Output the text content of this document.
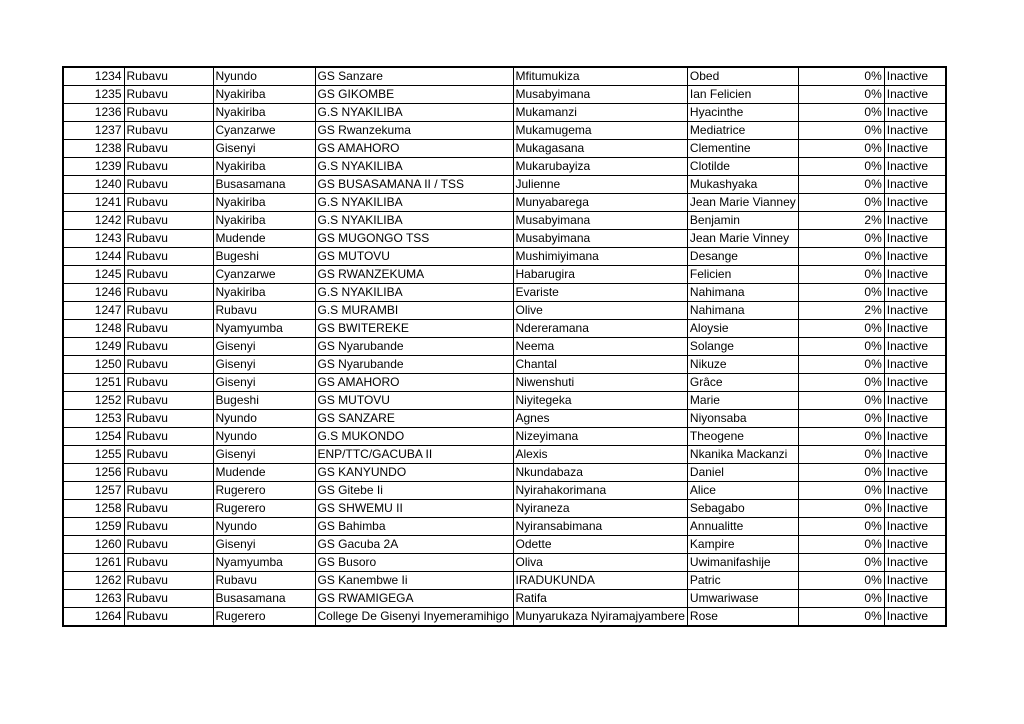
1234	Rubavu	Nyundo	GS Sanzare	Mfitumukiza	Obed	0%	Inactive
1235	Rubavu	Nyakiriba	GS GIKOMBE	Musabyimana	Ian Felicien	0%	Inactive
1236	Rubavu	Nyakiriba	G.S NYAKILIBA	Mukamanzi	Hyacinthe	0%	Inactive
1237	Rubavu	Cyanzarwe	GS Rwanzekuma	Mukamugema	Mediatrice	0%	Inactive
1238	Rubavu	Gisenyi	GS AMAHORO	Mukagasana	Clementine	0%	Inactive
1239	Rubavu	Nyakiriba	G.S NYAKILIBA	Mukarubayiza	Clotilde	0%	Inactive
1240	Rubavu	Busasamana	GS BUSASAMANA II / TSS	Julienne	Mukashyaka	0%	Inactive
1241	Rubavu	Nyakiriba	G.S NYAKILIBA	Munyabarega	Jean Marie Vianney	0%	Inactive
1242	Rubavu	Nyakiriba	G.S NYAKILIBA	Musabyimana	Benjamin	2%	Inactive
1243	Rubavu	Mudende	GS MUGONGO TSS	Musabyimana	Jean Marie Vinney	0%	Inactive
1244	Rubavu	Bugeshi	GS MUTOVU	Mushimiyimana	Desange	0%	Inactive
1245	Rubavu	Cyanzarwe	GS RWANZEKUMA	Habarugira	Felicien	0%	Inactive
1246	Rubavu	Nyakiriba	G.S NYAKILIBA	Evariste	Nahimana	0%	Inactive
1247	Rubavu	Rubavu	G.S MURAMBI	Olive	Nahimana	2%	Inactive
1248	Rubavu	Nyamyumba	GS BWITEREKE	Ndereramana	Aloysie	0%	Inactive
1249	Rubavu	Gisenyi	GS Nyarubande	Neema	Solange	0%	Inactive
1250	Rubavu	Gisenyi	GS Nyarubande	Chantal	Nikuze	0%	Inactive
1251	Rubavu	Gisenyi	GS AMAHORO	Niwenshuti	Grâce	0%	Inactive
1252	Rubavu	Bugeshi	GS MUTOVU	Niyitegeka	Marie	0%	Inactive
1253	Rubavu	Nyundo	GS SANZARE	Agnes	Niyonsaba	0%	Inactive
1254	Rubavu	Nyundo	G.S MUKONDO	Nizeyimana	Theogene	0%	Inactive
1255	Rubavu	Gisenyi	ENP/TTC/GACUBA II	Alexis	Nkanika Mackanzi	0%	Inactive
1256	Rubavu	Mudende	GS KANYUNDO	Nkundabaza	Daniel	0%	Inactive
1257	Rubavu	Rugerero	GS Gitebe Ii	Nyirahakorimana	Alice	0%	Inactive
1258	Rubavu	Rugerero	GS SHWEMU II	Nyiraneza	Sebagabo	0%	Inactive
1259	Rubavu	Nyundo	GS Bahimba	Nyiransabimana	Annualitte	0%	Inactive
1260	Rubavu	Gisenyi	GS Gacuba 2A	Odette	Kampire	0%	Inactive
1261	Rubavu	Nyamyumba	GS Busoro	Oliva	Uwimanifashije	0%	Inactive
1262	Rubavu	Rubavu	GS Kanembwe Ii	IRADUKUNDA	Patric	0%	Inactive
1263	Rubavu	Busasamana	GS RWAMIGEGA	Ratifa	Umwariwase	0%	Inactive
1264	Rubavu	Rugerero	College De Gisenyi Inyemeramihigo	Munyarukaza Nyiramajyambere	Rose	0%	Inactive
